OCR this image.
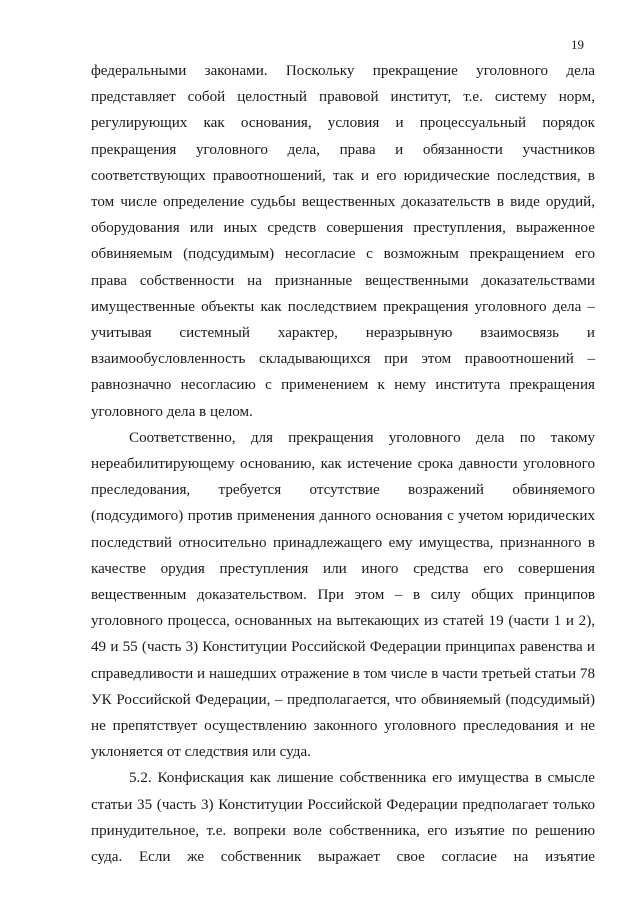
19
федеральными законами. Поскольку прекращение уголовного дела
представляет собой целостный правовой институт, т.е. систему норм,
регулирующих как основания, условия и процессуальный порядок
прекращения уголовного дела, права и обязанности участников
соответствующих правоотношений, так и его юридические последствия, в
том числе определение судьбы вещественных доказательств в виде орудий,
оборудования или иных средств совершения преступления, выраженное
обвиняемым (подсудимым) несогласие с возможным прекращением его
права собственности на признанные вещественными доказательствами
имущественные объекты как последствием прекращения уголовного дела –
учитывая системный характер, неразрывную взаимосвязь и
взаимообусловленность складывающихся при этом правоотношений –
равнозначно несогласию с применением к нему института прекращения
уголовного дела в целом.
Соответственно, для прекращения уголовного дела по такому
нереабилитирующему основанию, как истечение срока давности уголовного
преследования, требуется отсутствие возражений обвиняемого
(подсудимого) против применения данного основания с учетом юридических
последствий относительно принадлежащего ему имущества, признанного в
качестве орудия преступления или иного средства его совершения
вещественным доказательством. При этом – в силу общих принципов
уголовного процесса, основанных на вытекающих из статей 19 (части 1 и 2),
49 и 55 (часть 3) Конституции Российской Федерации принципах равенства и
справедливости и нашедших отражение в том числе в части третьей статьи 78
УК Российской Федерации, – предполагается, что обвиняемый (подсудимый)
не препятствует осуществлению законного уголовного преследования и не
уклоняется от следствия или суда.
5.2. Конфискация как лишение собственника его имущества в смысле
статьи 35 (часть 3) Конституции Российской Федерации предполагает только
принудительное, т.е. вопреки воле собственника, его изъятие по решению
суда. Если же собственник выражает свое согласие на изъятие
